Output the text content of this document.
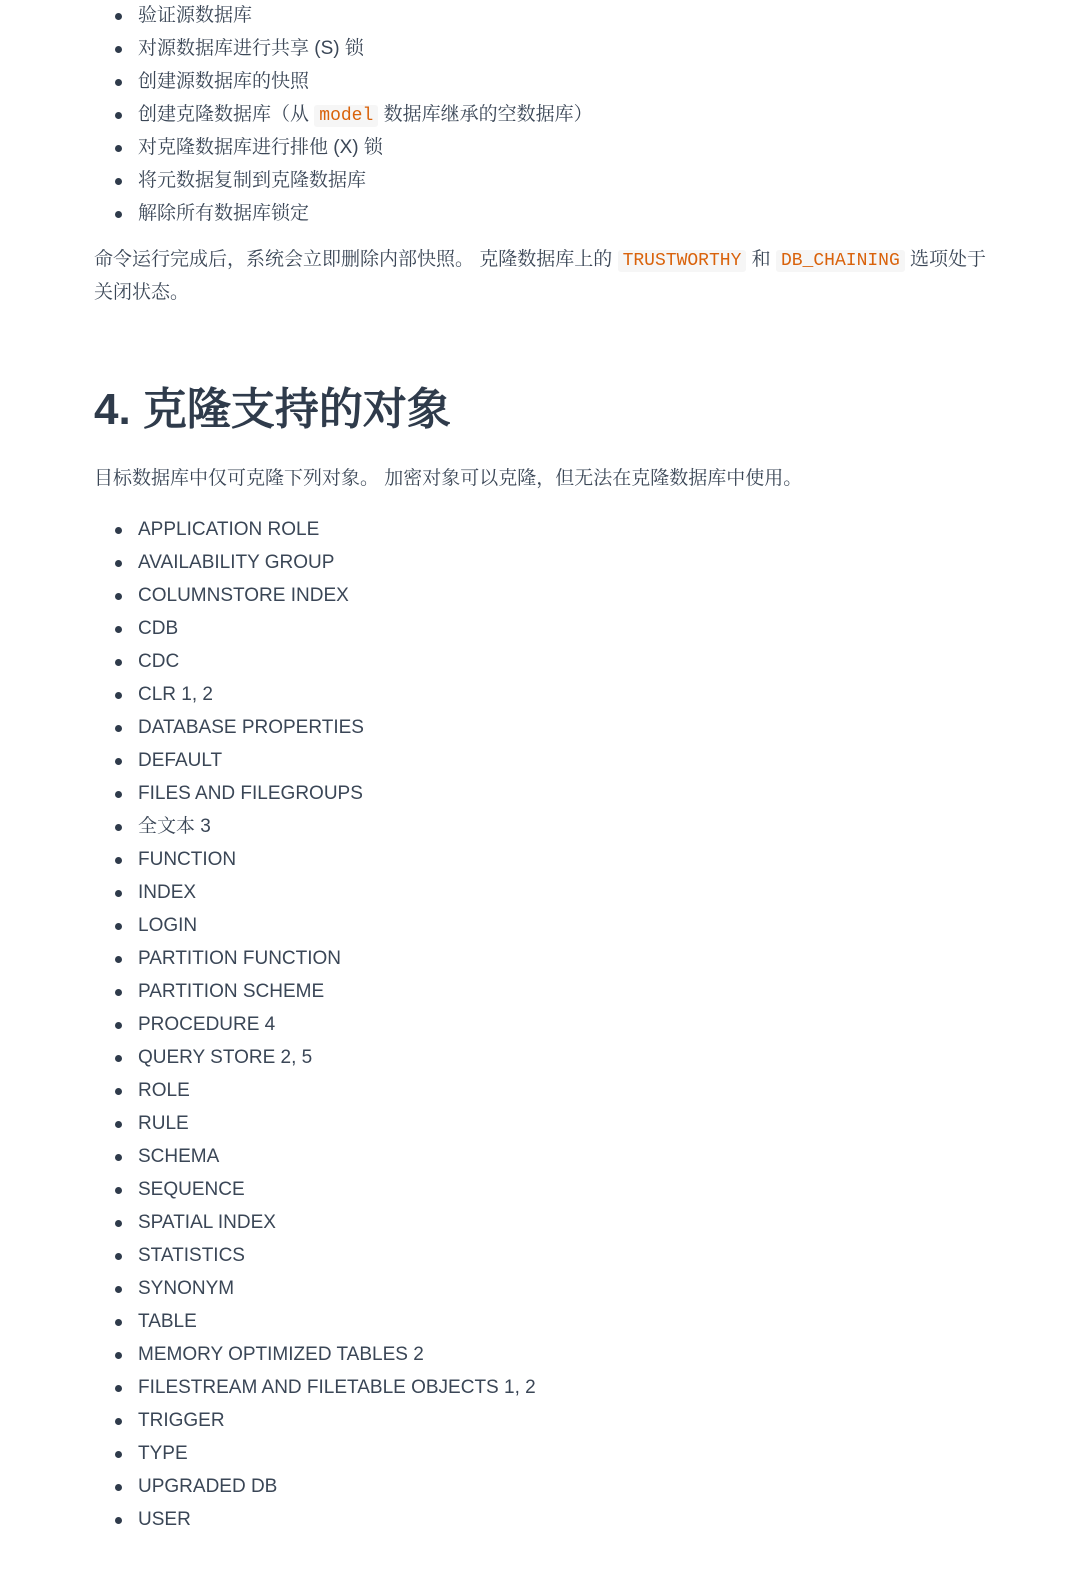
验证源数据库
对源数据库进行共享 (S) 锁
创建源数据库的快照
创建克隆数据库（从 model 数据库继承的空数据库）
对克隆数据库进行排他 (X) 锁
将元数据复制到克隆数据库
解除所有数据库锁定

命令运行完成后，系统会立即删除内部快照。 克隆数据库上的 TRUSTWORTHY 和 DB_CHAINING 选项处于关闭状态。

4. 克隆支持的对象

目标数据库中仅可克隆下列对象。 加密对象可以克隆，但无法在克隆数据库中使用。

APPLICATION ROLE
AVAILABILITY GROUP
COLUMNSTORE INDEX
CDB
CDC
CLR 1, 2
DATABASE PROPERTIES
DEFAULT
FILES AND FILEGROUPS
全文本 3
FUNCTION
INDEX
LOGIN
PARTITION FUNCTION
PARTITION SCHEME
PROCEDURE 4
QUERY STORE 2, 5
ROLE
RULE
SCHEMA
SEQUENCE
SPATIAL INDEX
STATISTICS
SYNONYM
TABLE
MEMORY OPTIMIZED TABLES 2
FILESTREAM AND FILETABLE OBJECTS 1, 2
TRIGGER
TYPE
UPGRADED DB
USER
